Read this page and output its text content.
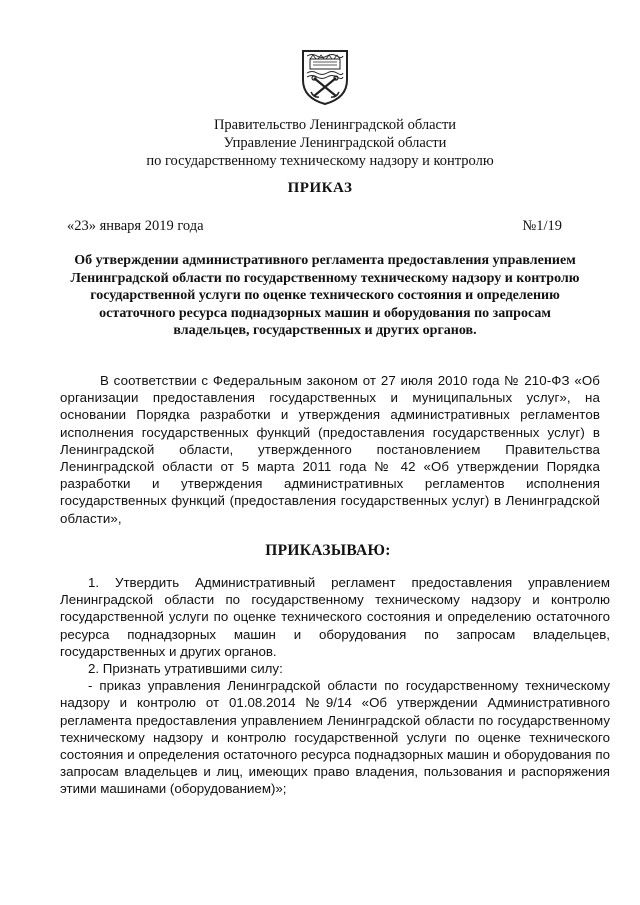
Правительство Ленинградской области
Управление Ленинградской области
по государственному техническому надзору и контролю
ПРИКАЗ
«23» января 2019 года	№1/19
Об утверждении административного регламента предоставления управлением Ленинградской области по государственному техническому надзору и контролю государственной услуги по оценке технического состояния и определению остаточного ресурса поднадзорных машин и оборудования по запросам владельцев, государственных и других органов.
В соответствии с Федеральным законом от 27 июля 2010 года № 210-ФЗ «Об организации предоставления государственных и муниципальных услуг», на основании Порядка разработки и утверждения административных регламентов исполнения государственных функций (предоставления государственных услуг) в Ленинградской области, утвержденного постановлением Правительства Ленинградской области от 5 марта 2011 года № 42 «Об утверждении Порядка разработки и утверждения административных регламентов исполнения государственных функций (предоставления государственных услуг) в Ленинградской области»,
ПРИКАЗЫВАЮ:

1. Утвердить Административный регламент предоставления управлением Ленинградской области по государственному техническому надзору и контролю государственной услуги по оценке технического состояния и определению остаточного ресурса поднадзорных машин и оборудования по запросам владельцев, государственных и других органов.

2. Признать утратившими силу:

- приказ управления Ленинградской области по государственному техническому надзору и контролю от 01.08.2014 №9/14 «Об утверждении Административного регламента предоставления управлением Ленинградской области по государственному техническому надзору и контролю государственной услуги по оценке технического состояния и определения остаточного ресурса поднадзорных машин и оборудования по запросам владельцев и лиц, имеющих право владения, пользования и распоряжения этими машинами (оборудованием)»;
